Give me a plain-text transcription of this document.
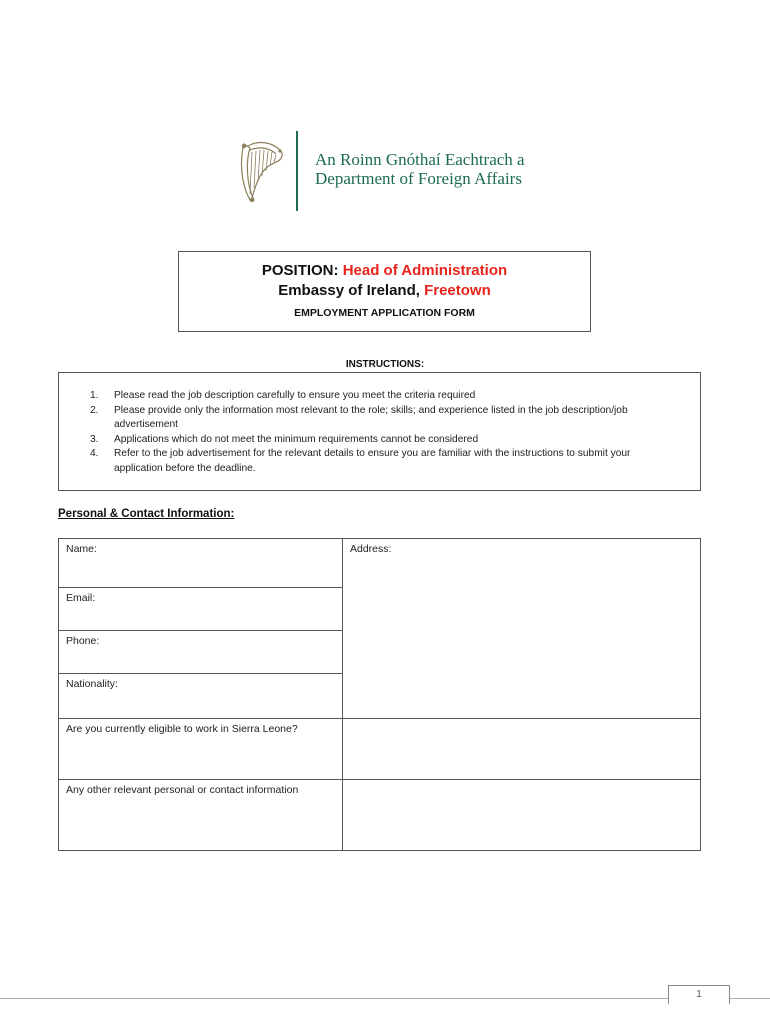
An Roinn Gnóthaí Eachtrach a
Department of Foreign Affairs
POSITION: Head of Administration
Embassy of Ireland, Freetown
EMPLOYMENT APPLICATION FORM
INSTRUCTIONS:
1. Please read the job description carefully to ensure you meet the criteria required
2. Please provide only the information most relevant to the role; skills; and experience listed in the job description/job advertisement
3. Applications which do not meet the minimum requirements cannot be considered
4. Refer to the job advertisement for the relevant details to ensure you are familiar with the instructions to submit your application before the deadline.
Personal & Contact Information:
Name:	Address:
Email:
Phone:
Nationality:
Are you currently eligible to work in Sierra Leone?
Any other relevant personal or contact information
1
